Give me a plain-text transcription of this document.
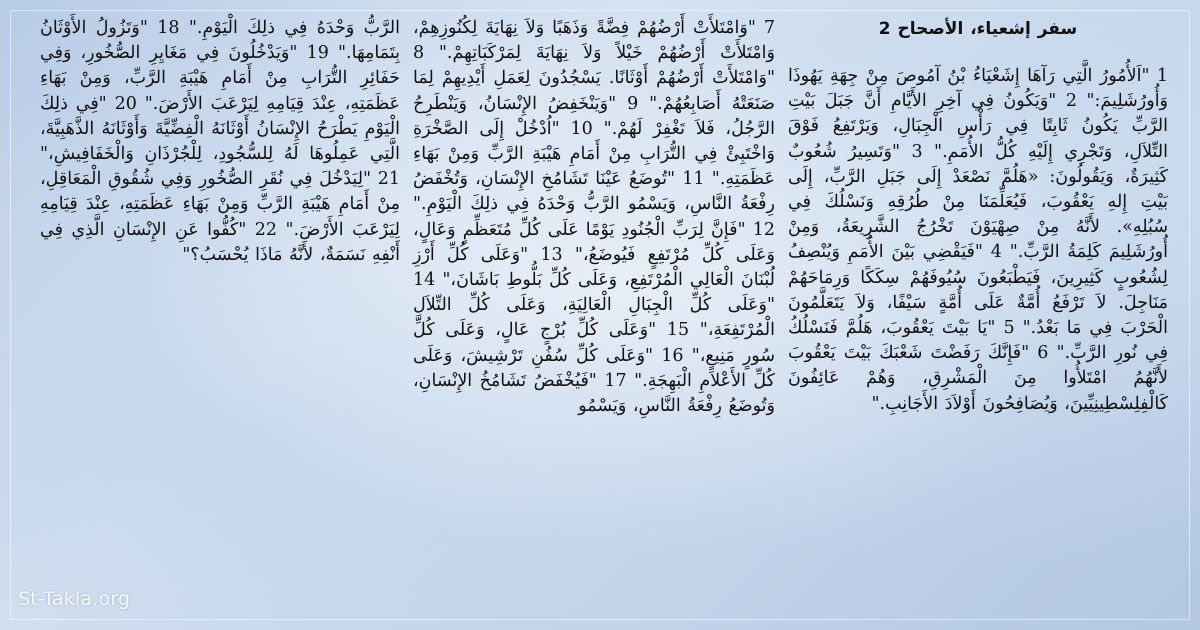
سفر إشعياء، الأصحاح 2
1 "اَلأُمُورُ الَّتِي رَآهَا إِشَعْيَاءُ بْنُ آمُوصَ مِنْ جِهَةِ يَهُوذَا وَأُورُشَلِيمَ:" 2 "وَيَكُونُ فِي آخِرِ الأَيَّامِ أَنَّ جَبَلَ بَيْتِ الرَّبِّ يَكُونُ ثَابِتًا فِي رَأْسِ الْجِبَالِ، وَيَرْتَفِعُ فَوْقَ التِّلاَلِ، وَتَجْرِي إِلَيْهِ كُلُّ الأُمَمِ." 3 "وَتَسِيرُ شُعُوبٌ كَثِيرَةٌ، وَيَقُولُونَ: «هَلُمَّ نَصْعَدْ إِلَى جَبَلِ الرَّبِّ، إِلَى بَيْتِ إِلهِ يَعْقُوبَ، فَيُعَلِّمَنَا مِنْ طُرُقِهِ وَنَسْلُكَ فِي سُبُلِهِ». لأَنَّهُ مِنْ صِهْيَوْنَ تَخْرُجُ الشَّرِيعَةُ، وَمِنْ أُورُشَلِيمَ كَلِمَةُ الرَّبِّ." 4 "فَيَقْضِي بَيْنَ الأُمَمِ وَيُنْصِفُ لِشُعُوبٍ كَثِيرِينَ، فَيَطْبَعُونَ سُيُوفَهُمْ سِكَكًا وَرِمَاحَهُمْ مَنَاجِلَ. لاَ تَرْفَعُ أُمَّةٌ عَلَى أُمَّةٍ سَيْفًا، وَلاَ يَتَعَلَّمُونَ الْحَرْبَ فِي مَا بَعْدُ." 5 "يَا بَيْتَ يَعْقُوبَ، هَلُمَّ فَنَسْلُكُ فِي نُورِ الرَّبِّ." 6 "فَإِنَّكَ رَفَضْتَ شَعْبَكَ بَيْتَ يَعْقُوبَ لأَنَّهُمُ امْتَلأُوا مِنَ الْمَشْرِقِ، وَهُمْ عَائِفُونَ كَالْفِلِسْطِينِيِّينَ، وَيُصَافِحُونَ أَوْلاَدَ الأَجَانِبِ."
7 "وَامْتَلأَتْ أَرْضُهُمْ فِضَّةً وَذَهَبًا وَلاَ نِهَايَةَ لِكُنُوزِهِمْ، وَامْتَلأَتْ أَرْضُهُمْ خَيْلاً وَلاَ نِهَايَةَ لِمَرْكَبَاتِهِمْ." 8 "وَامْتَلأَتْ أَرْضُهُمْ أَوْثَانًا. يَسْجُدُونَ لِعَمَلِ أَيْدِيهِمْ لِمَا صَنَعَتْهُ أَصَابِعُهُمْ." 9 "وَيَنْخَفِضُ الإِنْسَانُ، وَيَنْطَرِحُ الرَّجُلُ، فَلاَ تَغْفِرْ لَهُمْ." 10 "اُدْخُلْ إِلَى الصَّخْرَةِ وَاخْتَبِئْ فِي التُّرَابِ مِنْ أَمَامِ هَيْبَةِ الرَّبِّ وَمِنْ بَهَاءِ عَظَمَتِهِ." 11 "تُوضَعُ عَيْنَا تَشَامُخِ الإِنْسَانِ، وَتُخْفَضُ رِفْعَةُ النَّاسِ، وَيَسْمُو الرَّبُّ وَحْدَهُ فِي ذلِكَ الْيَوْمِ." 12 "فَإِنَّ لِرَبِّ الْجُنُودِ يَوْمًا عَلَى كُلِّ مُتَعَظِّمٍ وَعَالٍ، وَعَلَى كُلِّ مُرْتَفِعٍ فَيُوضَعُ،" 13 "وَعَلَى كُلِّ أَرْزِ لُبْنَانَ الْعَالِي الْمُرْتَفِعِ، وَعَلَى كُلِّ بَلُّوطِ بَاشَانَ،" 14 "وَعَلَى كُلِّ الْجِبَالِ الْعَالِيَةِ، وَعَلَى كُلِّ التِّلاَلِ الْمُرْتَفِعَةِ،" 15 "وَعَلَى كُلِّ بُرْجٍ عَالٍ، وَعَلَى كُلِّ سُورٍ مَنِيعٍ،" 16 "وَعَلَى كُلِّ سُفُنِ تَرْشِيشَ، وَعَلَى كُلِّ الأَعْلاَمِ الْبَهِجَةِ." 17 "فَيُخْفَضُ تَشَامُخُ الإِنْسَانِ، وَتُوضَعُ رِفْعَةُ النَّاسِ، وَيَسْمُو
الرَّبُّ وَحْدَهُ فِي ذلِكَ الْيَوْمِ." 18 "وَتَزُولُ الأَوْثَانُ بِتَمَامِهَا." 19 "وَيَدْخُلُونَ فِي مَغَايِرِ الصُّخُورِ، وَفِي حَفَائِرِ التُّرَابِ مِنْ أَمَامِ هَيْبَةِ الرَّبِّ، وَمِنْ بَهَاءِ عَظَمَتِهِ، عِنْدَ قِيَامِهِ لِيَرْعَبَ الأَرْضَ." 20 "فِي ذلِكَ الْيَوْمِ يَطْرَحُ الإِنْسَانُ أَوْثَانَهُ الْفِضِّيَّةَ وَأَوْثَانَهُ الذَّهَبِيَّةَ، الَّتِي عَمِلُوهَا لَهُ لِلسُّجُودِ، لِلْجُرْذَانِ وَالْخَفَافِيشِ،" 21 "لِيَدْخُلَ فِي نُقَرِ الصُّخُورِ وَفِي شُقُوقِ الْمَعَاقِلِ، مِنْ أَمَامِ هَيْبَةِ الرَّبِّ وَمِنْ بَهَاءِ عَظَمَتِهِ، عِنْدَ قِيَامِهِ لِيَرْعَبَ الأَرْضَ." 22 "كُفُّوا عَنِ الإِنْسَانِ الَّذِي فِي أَنْفِهِ نَسَمَةٌ، لأَنَّهُ مَاذَا يُحْسَبُ؟"
St-Takla.org
